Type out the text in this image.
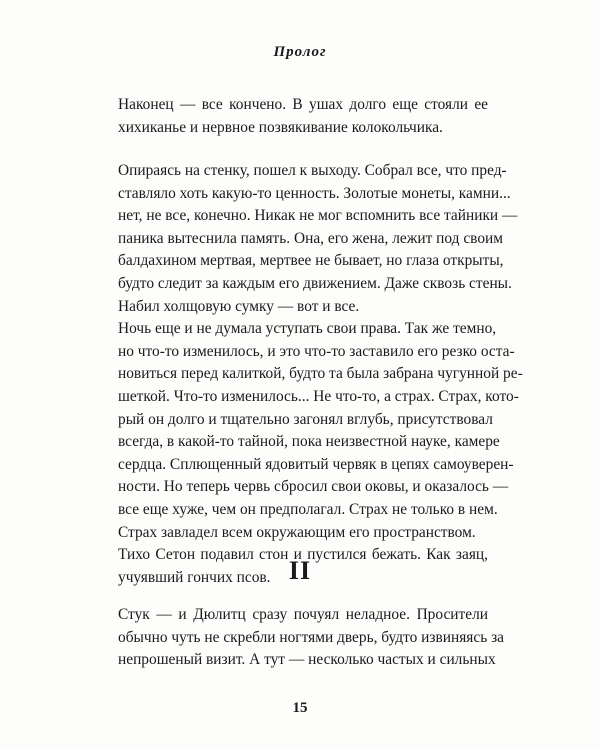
Пролог

Наконец — все кончено. В ушах долго еще стояли ее
хихиканье и нервное позвякивание колокольчика.

Опираясь на стенку, пошел к выходу. Собрал все, что пред-
ставляло хоть какую-то ценность. Золотые монеты, камни...
нет, не все, конечно. Никак не мог вспомнить все тайники —
паника вытеснила память. Она, его жена, лежит под своим
балдахином мертвая, мертвее не бывает, но глаза открыты,
будто следит за каждым его движением. Даже сквозь стены.

Набил холщовую сумку — вот и все.

Ночь еще и не думала уступать свои права. Так же темно,
но что-то изменилось, и это что-то заставило его резко оста-
новиться перед калиткой, будто та была забрана чугунной ре-
шеткой. Что-то изменилось... Не что-то, а страх. Страх, кото-
рый он долго и тщательно загонял вглубь, присутствовал
всегда, в какой-то тайной, пока неизвестной науке, камере
сердца. Сплющенный ядовитый червяк в цепях самоуверен-
ности. Но теперь червь сбросил свои оковы, и оказалось —
все еще хуже, чем он предполагал. Страх не только в нем.
Страх завладел всем окружающим его пространством.

Тихо Сетон подавил стон и пустился бежать. Как заяц,
учуявший гончих псов. II

Стук — и Дюлитц сразу почуял неладное. Просители
обычно чуть не скребли ногтями дверь, будто извиняясь за
непрошеный визит. А тут — несколько частых и сильных

15
